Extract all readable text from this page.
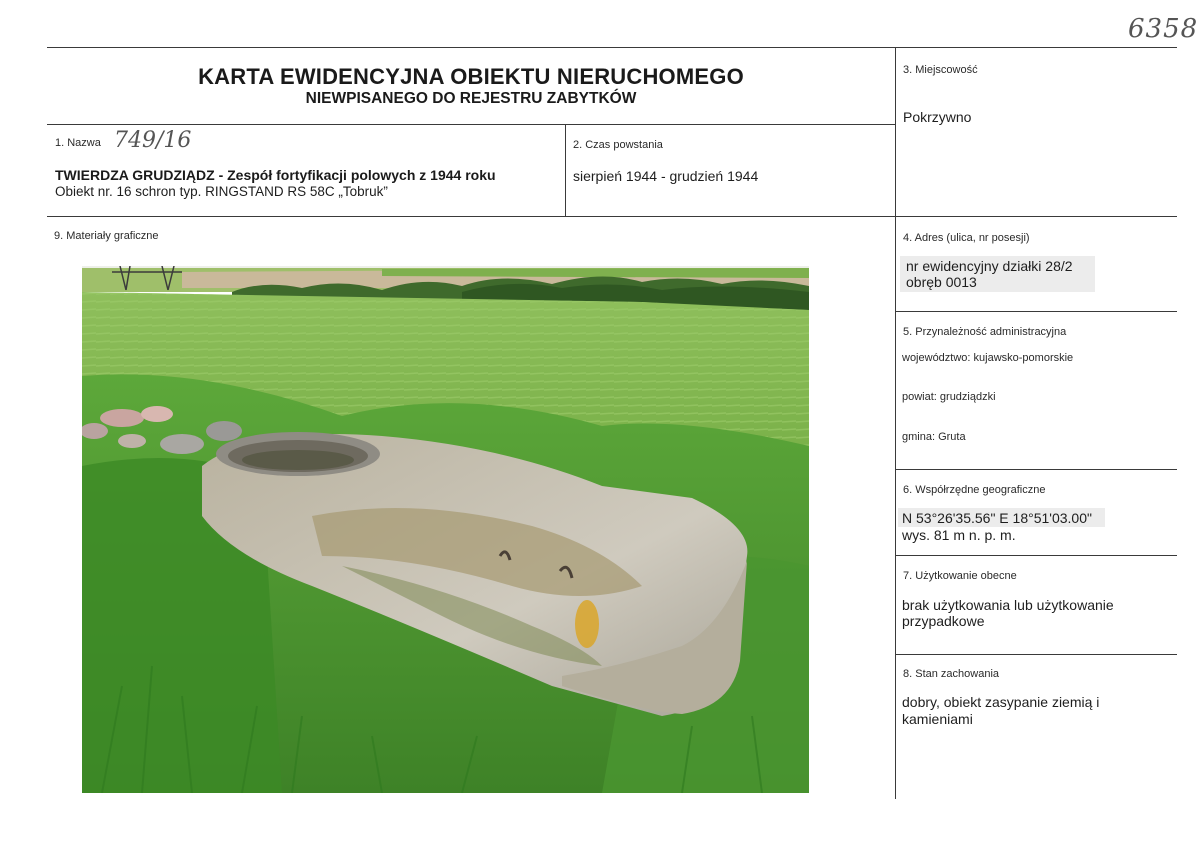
6358
KARTA EWIDENCYJNA OBIEKTU NIERUCHOMEGO
NIEWPISANEGO DO REJESTRU ZABYTKÓW
1. Nazwa 749/16
TWIERDZA GRUDZIĄDZ - Zespół fortyfikacji polowych z 1944 roku
Obiekt nr. 16 schron typ. RINGSTAND RS 58C „Tobruk”
2. Czas powstania
sierpień 1944 - grudzień 1944
3. Miejscowość
Pokrzywno
9. Materiały graficzne	4. Adres (ulica, nr posesji)
nr ewidencyjny działki 28/2
obręb 0013
5. Przynależność administracyjna
województwo: kujawsko-pomorskie
powiat: grudziądzki
gmina: Gruta
6. Współrzędne geograficzne
N 53°26'35.56" E 18°51'03.00"
wys. 81 m n. p. m.
7. Użytkowanie obecne
brak użytkowania lub użytkowanie
przypadkowe
8. Stan zachowania
dobry, obiekt zasypanie ziemią i
kamieniami
